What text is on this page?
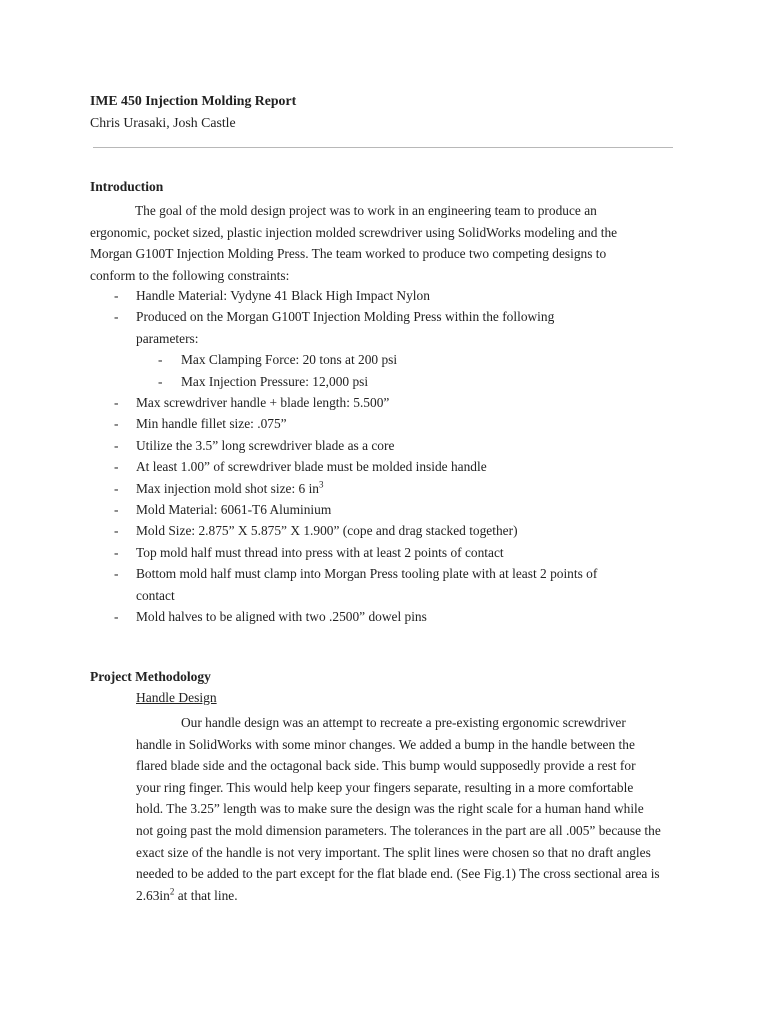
IME 450 Injection Molding Report
Chris Urasaki, Josh Castle
Introduction
The goal of the mold design project was to work in an engineering team to produce an ergonomic, pocket sized, plastic injection molded screwdriver using SolidWorks modeling and the Morgan G100T Injection Molding Press. The team worked to produce two competing designs to conform to the following constraints:
- Handle Material: Vydyne 41 Black High Impact Nylon
- Produced on the Morgan G100T Injection Molding Press within the following parameters:
- Max Clamping Force: 20 tons at 200 psi
- Max Injection Pressure: 12,000 psi
- Max screwdriver handle + blade length: 5.500”
- Min handle fillet size: .075”
- Utilize the 3.5” long screwdriver blade as a core
- At least 1.00” of screwdriver blade must be molded inside handle
- Max injection mold shot size: 6 $in^3$
- Mold Material: 6061-T6 Aluminium
- Mold Size: 2.875” X 5.875” X 1.900” (cope and drag stacked together)
- Top mold half must thread into press with at least 2 points of contact
- Bottom mold half must clamp into Morgan Press tooling plate with at least 2 points of contact
- Mold halves to be aligned with two .2500” dowel pins
Project Methodology
Handle Design
Our handle design was an attempt to recreate a pre-existing ergonomic screwdriver handle in SolidWorks with some minor changes. We added a bump in the handle between the flared blade side and the octagonal back side. This bump would supposedly provide a rest for your ring finger. This would help keep your fingers separate, resulting in a more comfortable hold. The 3.25” length was to make sure the design was the right scale for a human hand while not going past the mold dimension parameters. The tolerances in the part are all .005” because the exact size of the handle is not very important. The split lines were chosen so that no draft angles needed to be added to the part except for the flat blade end. (See Fig.1) The cross sectional area is $2.63in^2$ at that line.
